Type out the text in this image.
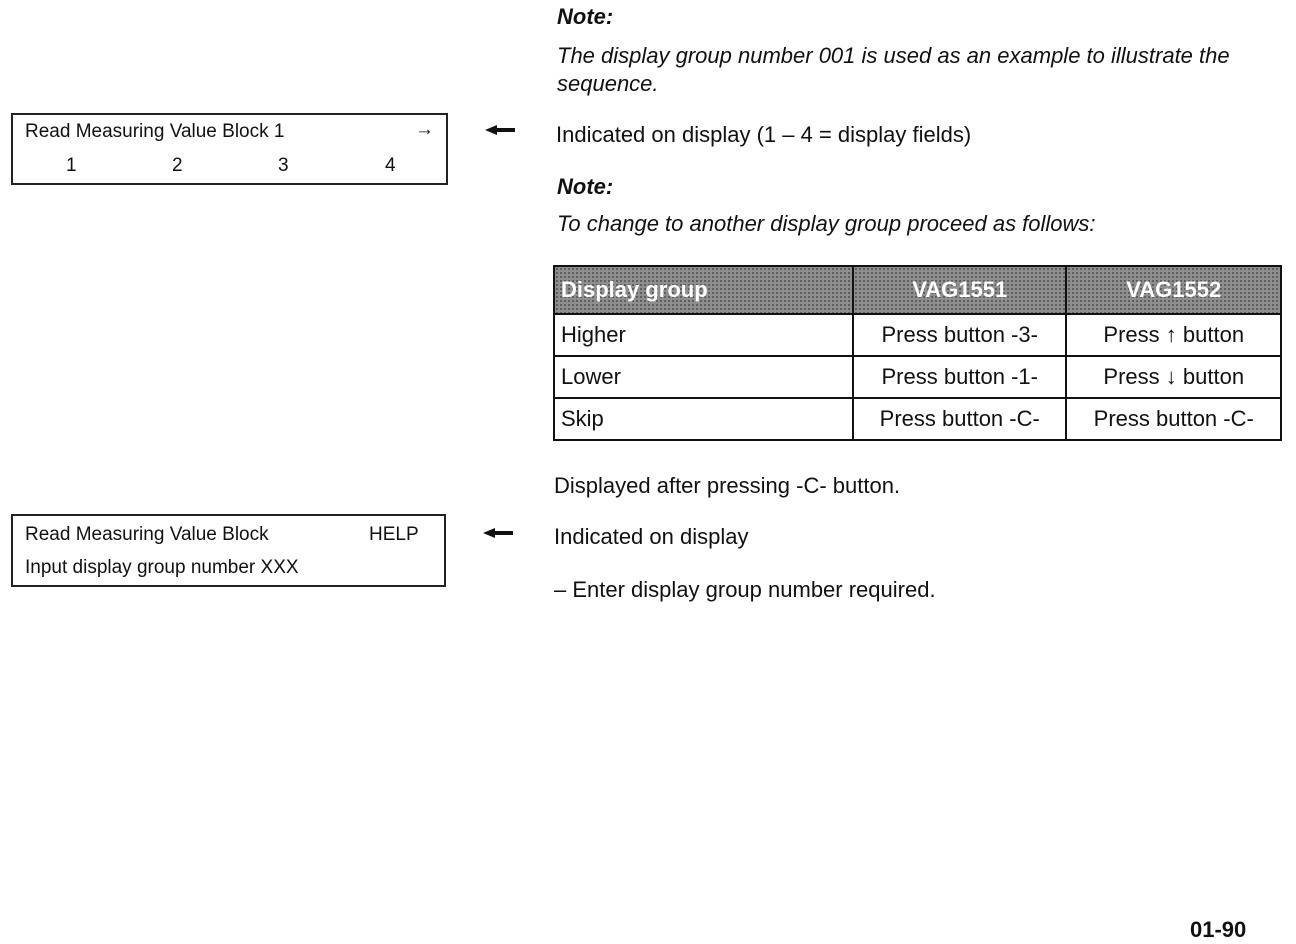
Note:
The display group number 001 is used as an example to illustrate the sequence.
Read Measuring Value Block 1	→
1	2	3	4
Indicated on display (1 – 4 = display fields)
Note:
To change to another display group proceed as follows:
Display group	VAG1551	VAG1552
Higher	Press button -3-	Press ↑ button
Lower	Press button -1-	Press ↓ button
Skip	Press button -C-	Press button -C-
Displayed after pressing -C- button.
Read Measuring Value Block	HELP
Input display group number XXX
Indicated on display
– Enter display group number required.
01-90
